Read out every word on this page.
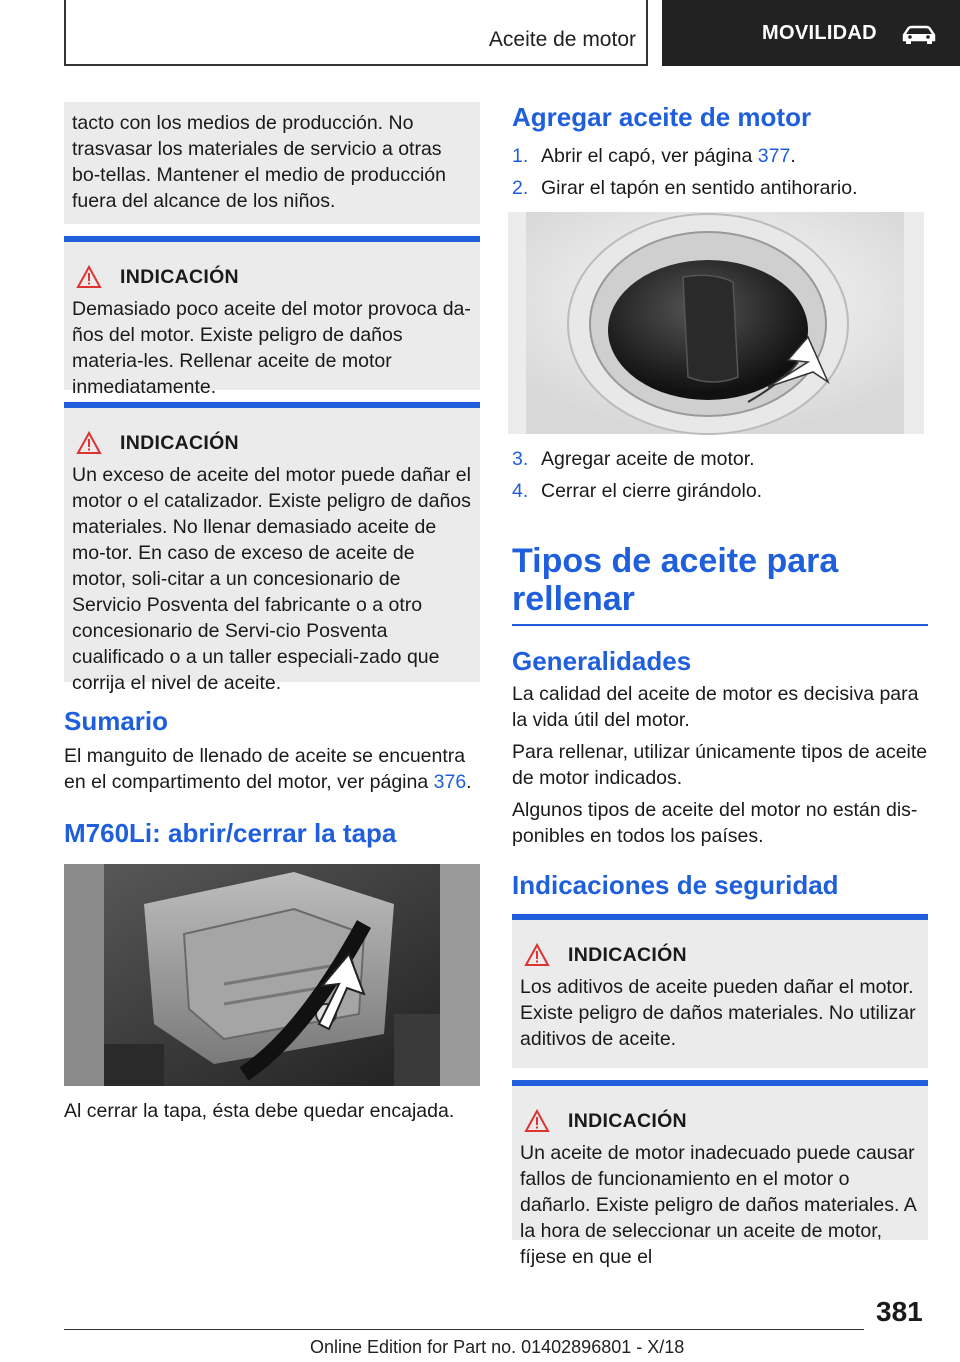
Aceite de motor	MOVILIDAD

tacto con los medios de producción. No trasvasar los materiales de servicio a otras bo-tellas. Mantener el medio de producción fuera del alcance de los niños.

INDICACIÓN

Demasiado poco aceite del motor provoca da-ños del motor. Existe peligro de daños materia-les. Rellenar aceite de motor inmediatamente.

INDICACIÓN

Un exceso de aceite del motor puede dañar el motor o el catalizador. Existe peligro de daños materiales. No llenar demasiado aceite de mo-tor. En caso de exceso de aceite de motor, soli-citar a un concesionario de Servicio Posventa del fabricante o a otro concesionario de Servi-cio Posventa cualificado o a un taller especiali-zado que corrija el nivel de aceite.

Sumario

El manguito de llenado de aceite se encuentra en el compartimento del motor, ver página 376.

M760Li: abrir/cerrar la tapa

Al cerrar la tapa, ésta debe quedar encajada.

Agregar aceite de motor
1. Abrir el capó, ver página 377.
2. Girar el tapón en sentido antihorario.
3. Agregar aceite de motor.
4. Cerrar el cierre girándolo.
Tipos de aceite para rellenar
Generalidades

La calidad del aceite de motor es decisiva para la vida útil del motor.

Para rellenar, utilizar únicamente tipos de aceite de motor indicados.

Algunos tipos de aceite del motor no están dis-ponibles en todos los países.

Indicaciones de seguridad
INDICACIÓN

Los aditivos de aceite pueden dañar el motor. Existe peligro de daños materiales. No utilizar aditivos de aceite.

INDICACIÓN

Un aceite de motor inadecuado puede causar fallos de funcionamiento en el motor o dañarlo. Existe peligro de daños materiales. A la hora de seleccionar un aceite de motor, fíjese en que el

381
Online Edition for Part no. 01402896801 - X/18
